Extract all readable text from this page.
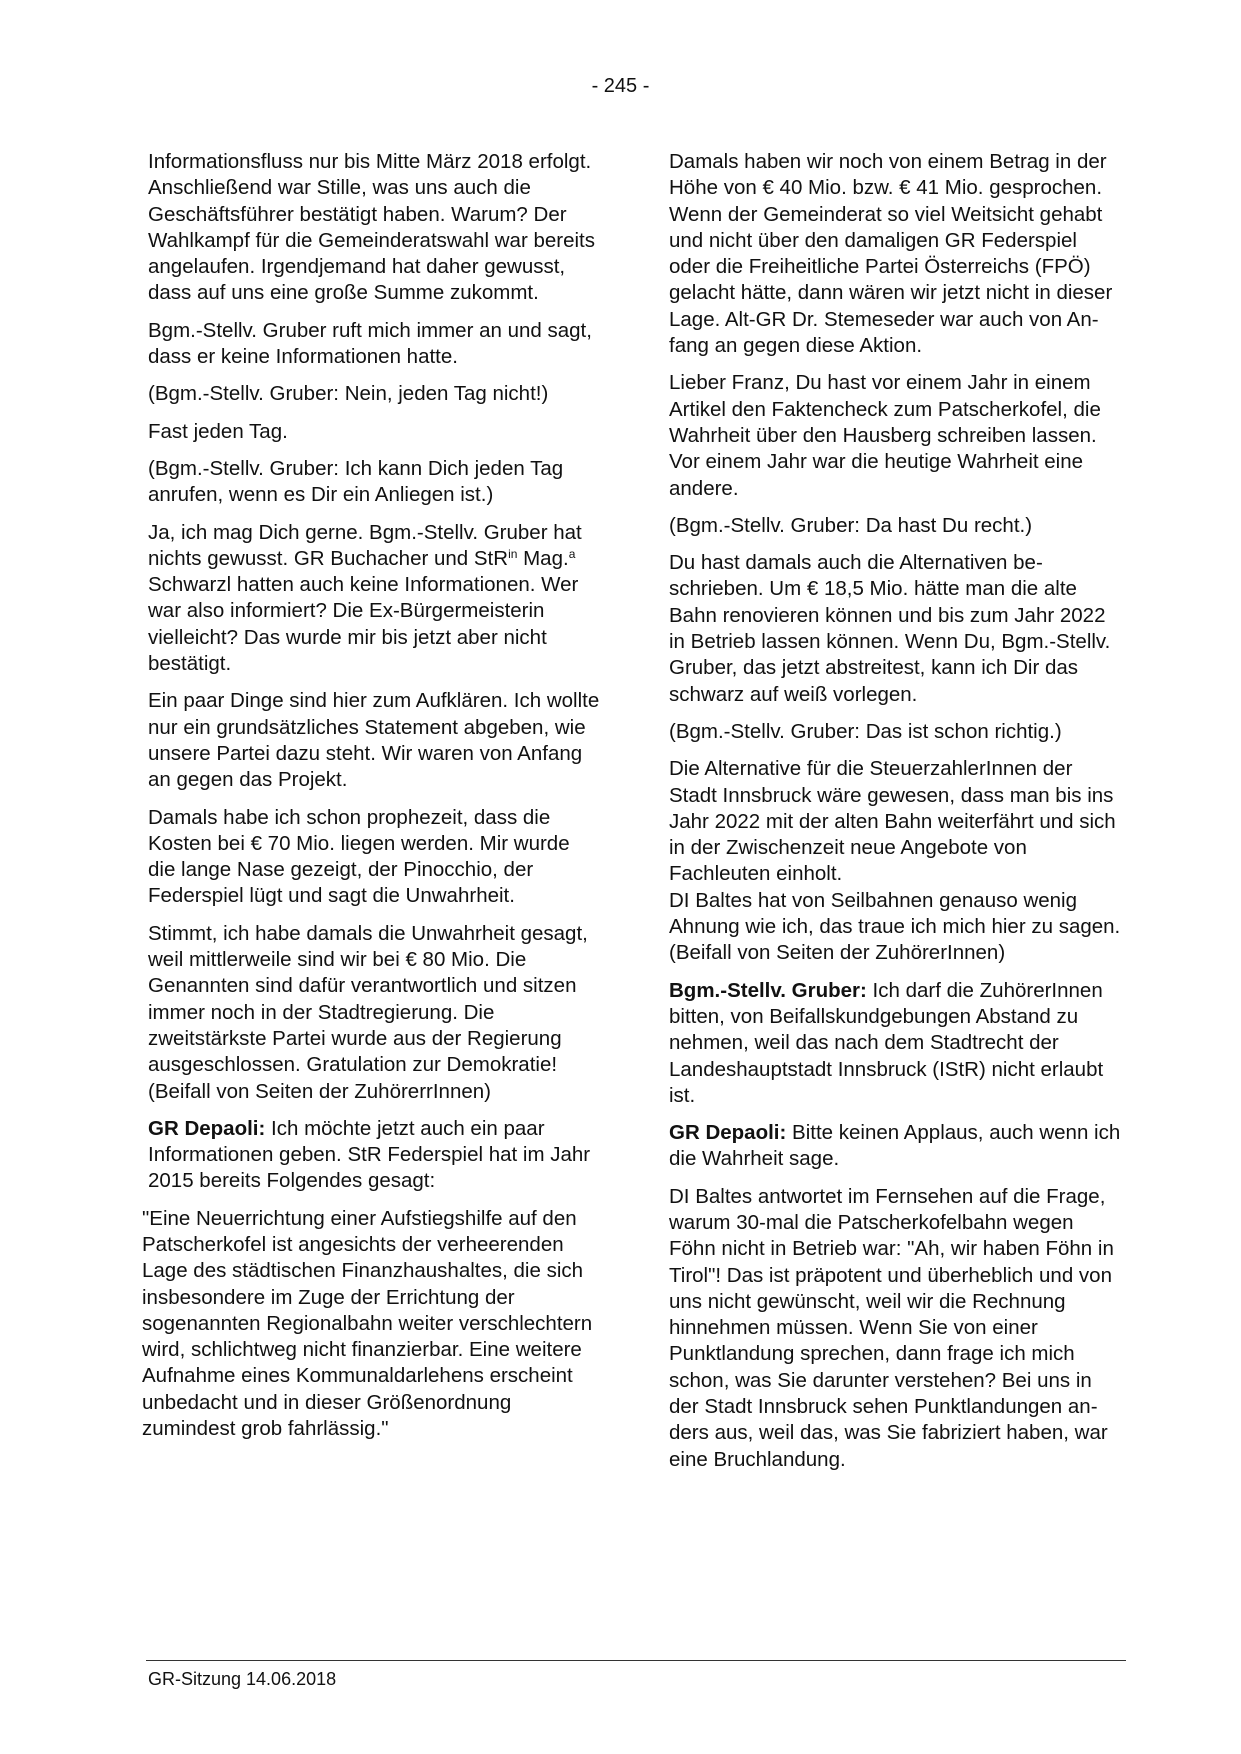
- 245 -

Informationsfluss nur bis Mitte März 2018 erfolgt. Anschließend war Stille, was uns auch die Geschäftsführer bestätigt haben. Warum? Der Wahlkampf für die Gemeinderatswahl war bereits angelaufen. Irgendjemand hat daher gewusst, dass auf uns eine große Summe zukommt.

Bgm.-Stellv. Gruber ruft mich immer an und sagt, dass er keine Informationen hatte.

(Bgm.-Stellv. Gruber: Nein, jeden Tag nicht!)

Fast jeden Tag.

(Bgm.-Stellv. Gruber: Ich kann Dich jeden Tag anrufen, wenn es Dir ein Anliegen ist.)

Ja, ich mag Dich gerne. Bgm.-Stellv. Gruber hat nichts gewusst. GR Buchacher und StR$^{in}$ Mag.$^a$ Schwarzl hatten auch keine Informationen. Wer war also informiert? Die Ex-Bürgermeisterin vielleicht? Das wurde mir bis jetzt aber nicht bestätigt.

Ein paar Dinge sind hier zum Aufklären. Ich wollte nur ein grundsätzliches Statement abgeben, wie unsere Partei dazu steht. Wir waren von Anfang an gegen das Projekt.

Damals habe ich schon prophezeit, dass die Kosten bei € 70 Mio. liegen werden. Mir wurde die lange Nase gezeigt, der Pinocchio, der Federspiel lügt und sagt die Unwahrheit.

Stimmt, ich habe damals die Unwahrheit gesagt, weil mittlerweile sind wir bei € 80 Mio. Die Genannten sind dafür verantwortlich und sitzen immer noch in der Stadtregierung. Die zweitstärkste Partei wurde aus der Regierung ausgeschlossen. Gratulation zur Demokratie! (Beifall von Seiten der ZuhörerrInnen)

GR Depaoli: Ich möchte jetzt auch ein paar Informationen geben. StR Federspiel hat im Jahr 2015 bereits Folgendes gesagt:

"Eine Neuerrichtung einer Aufstiegshilfe auf den Patscherkofel ist angesichts der verheerenden Lage des städtischen Finanzhaushaltes, die sich insbesondere im Zuge der Errichtung der sogenannten Regionalbahn weiter verschlechtern wird, schlichtweg nicht finanzierbar. Eine weitere Aufnahme eines Kommunaldarlehens erscheint unbedacht und in dieser Größenordnung zumindest grob fahrlässig."

Damals haben wir noch von einem Betrag in der Höhe von € 40 Mio. bzw. € 41 Mio. gesprochen. Wenn der Gemeinderat so viel Weitsicht gehabt und nicht über den damaligen GR Federspiel oder die Freiheitliche Partei Österreichs (FPÖ) gelacht hätte, dann wären wir jetzt nicht in dieser Lage. Alt-GR Dr. Stemeseder war auch von Anfang an gegen diese Aktion.

Lieber Franz, Du hast vor einem Jahr in einem Artikel den Faktencheck zum Patscherkofel, die Wahrheit über den Hausberg schreiben lassen. Vor einem Jahr war die heutige Wahrheit eine andere.

(Bgm.-Stellv. Gruber: Da hast Du recht.)

Du hast damals auch die Alternativen beschrieben. Um € 18,5 Mio. hätte man die alte Bahn renovieren können und bis zum Jahr 2022 in Betrieb lassen können. Wenn Du, Bgm.-Stellv. Gruber, das jetzt abstreitest, kann ich Dir das schwarz auf weiß vorlegen.

(Bgm.-Stellv. Gruber: Das ist schon richtig.)

Die Alternative für die SteuerzahlerInnen der Stadt Innsbruck wäre gewesen, dass man bis ins Jahr 2022 mit der alten Bahn weiterfährt und sich in der Zwischenzeit neue Angebote von Fachleuten einholt.
DI Baltes hat von Seilbahnen genauso wenig Ahnung wie ich, das traue ich mich hier zu sagen. (Beifall von Seiten der ZuhörerInnen)

Bgm.-Stellv. Gruber: Ich darf die ZuhörerInnen bitten, von Beifallskundgebungen Abstand zu nehmen, weil das nach dem Stadtrecht der Landeshauptstadt Innsbruck (IStR) nicht erlaubt ist.

GR Depaoli: Bitte keinen Applaus, auch wenn ich die Wahrheit sage.

DI Baltes antwortet im Fernsehen auf die Frage, warum 30-mal die Patscherkofelbahn wegen Föhn nicht in Betrieb war: "Ah, wir haben Föhn in Tirol"! Das ist präpotent und überheblich und von uns nicht gewünscht, weil wir die Rechnung hinnehmen müssen. Wenn Sie von einer Punktlandung sprechen, dann frage ich mich schon, was Sie darunter verstehen? Bei uns in der Stadt Innsbruck sehen Punktlandungen anders aus, weil das, was Sie fabriziert haben, war eine Bruchlandung.

GR-Sitzung 14.06.2018
